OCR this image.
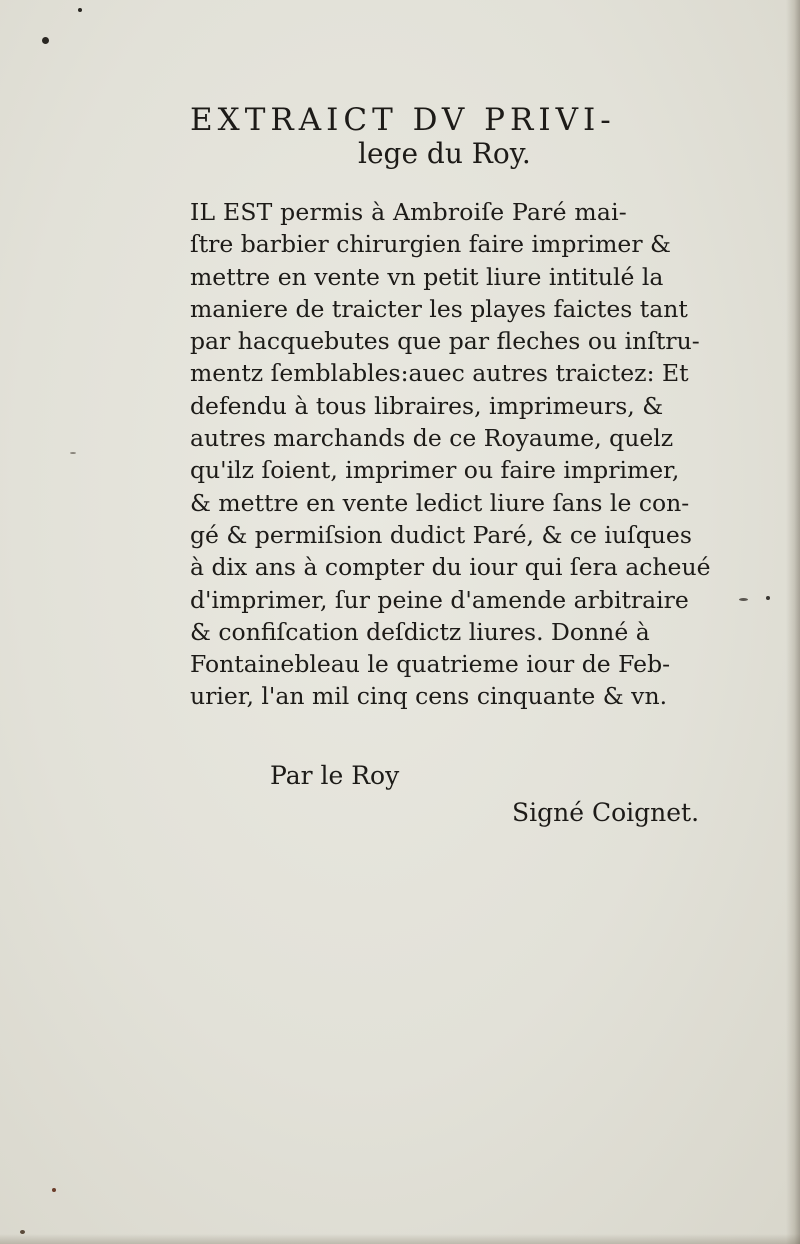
EXTRAICT DV PRIVI-
lege du Roy.
IL EST permis à Ambroiſe Paré mai-
ſtre barbier chirurgien faire imprimer &
mettre en vente vn petit liure intitulé la
maniere de traicter les playes faictes tant
par hacquebutes que par fleches ou inſtru-
mentz ſemblables:auec autres traictez: Et
defendu à tous libraires, imprimeurs, &
autres marchands de ce Royaume, quelz
qu'ilz ſoient, imprimer ou faire imprimer,
& mettre en vente ledict liure ſans le con-
gé & permiſsion dudict Paré, & ce iuſques
à dix ans à compter du iour qui ſera acheué
d'imprimer, ſur peine d'amende arbitraire
& confiſcation deſdictz liures. Donné à
Fontainebleau le quatrieme iour de Feb-
urier, l'an mil cinq cens cinquante & vn.
Par le Roy
Signé Coignet.
